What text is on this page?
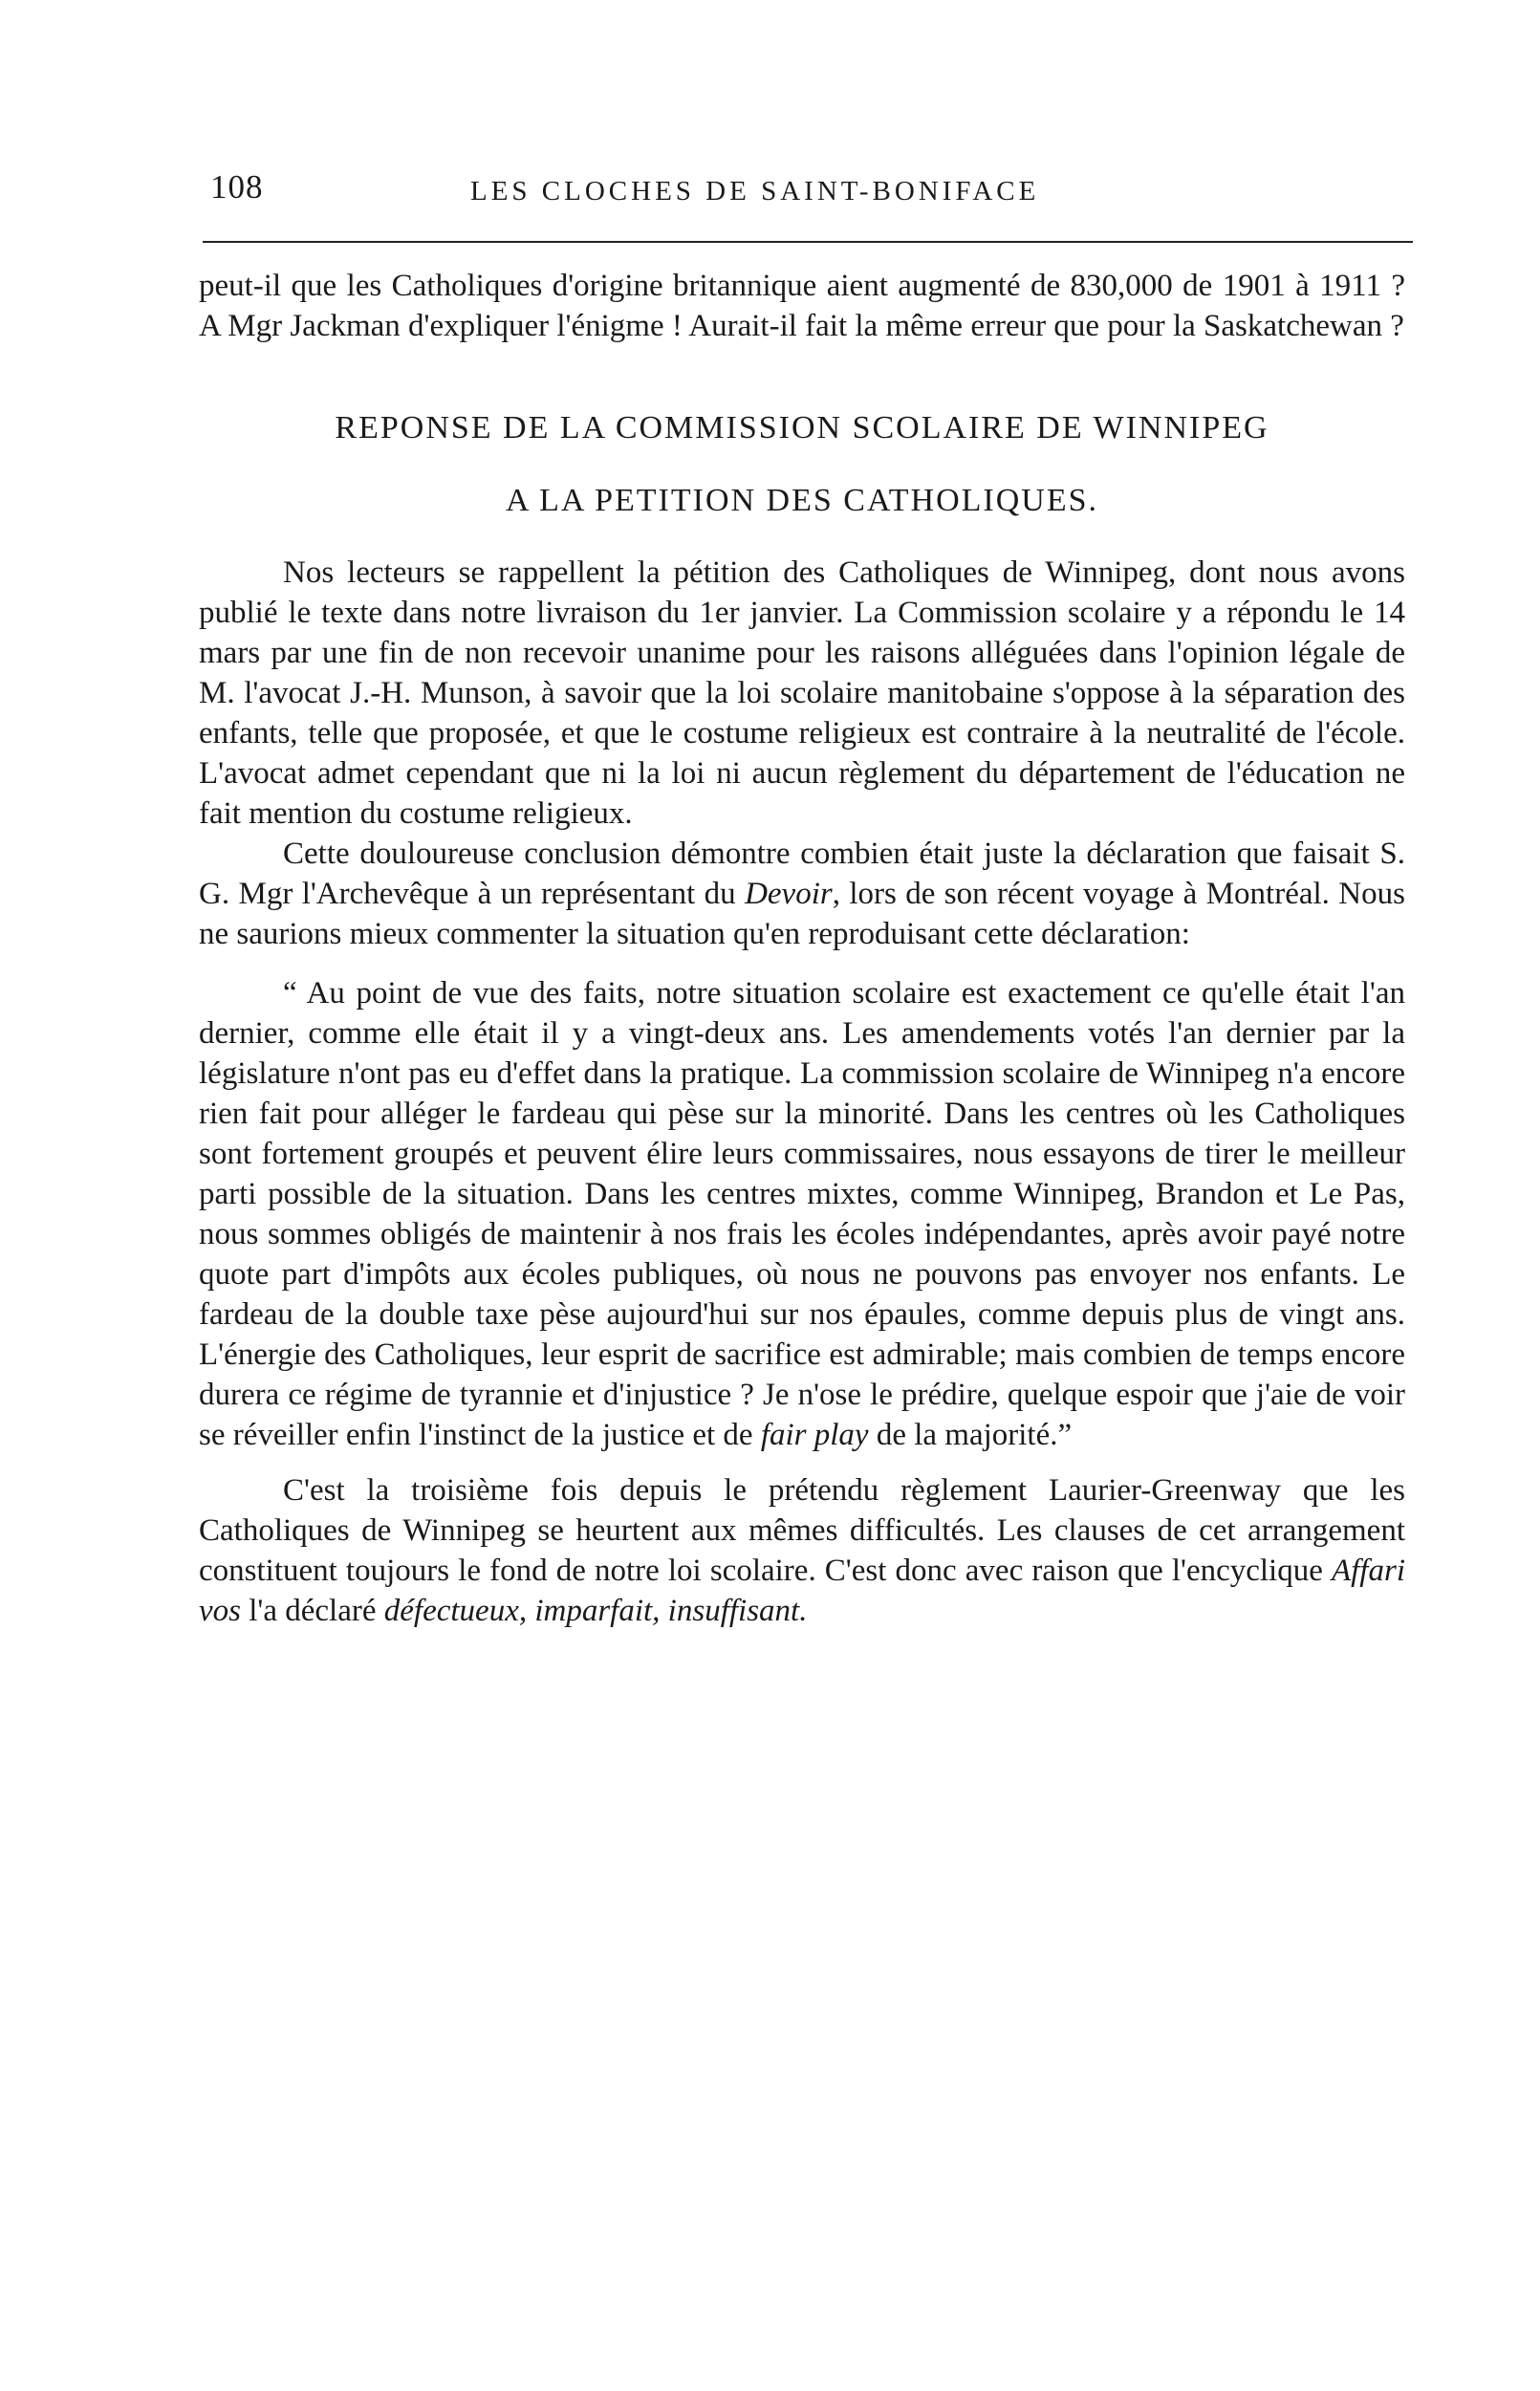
108	LES CLOCHES DE SAINT-BONIFACE

peut-il que les Catholiques d'origine britannique aient augmenté de 830,000 de 1901 à 1911 ? A Mgr Jackman d'expliquer l'énigme ! Aurait-il fait la même erreur que pour la Saskatchewan ?

REPONSE DE LA COMMISSION SCOLAIRE DE WINNIPEG
A LA PETITION DES CATHOLIQUES.

Nos lecteurs se rappellent la pétition des Catholiques de Winnipeg, dont nous avons publié le texte dans notre livraison du 1er janvier. La Commission scolaire y a répondu le 14 mars par une fin de non recevoir unanime pour les raisons alléguées dans l'opinion légale de M. l'avocat J.-H. Munson, à savoir que la loi scolaire manitobaine s'oppose à la séparation des enfants, telle que proposée, et que le costume religieux est contraire à la neutralité de l'école. L'avocat admet cependant que ni la loi ni aucun règlement du département de l'éducation ne fait mention du costume religieux.

Cette douloureuse conclusion démontre combien était juste la déclaration que faisait S. G. Mgr l'Archevêque à un représentant du Devoir, lors de son récent voyage à Montréal. Nous ne saurions mieux commenter la situation qu'en reproduisant cette déclaration:

“ Au point de vue des faits, notre situation scolaire est exactement ce qu'elle était l'an dernier, comme elle était il y a vingt-deux ans. Les amendements votés l'an dernier par la législature n'ont pas eu d'effet dans la pratique. La commission scolaire de Winnipeg n'a encore rien fait pour alléger le fardeau qui pèse sur la minorité. Dans les centres où les Catholiques sont fortement groupés et peuvent élire leurs commissaires, nous essayons de tirer le meilleur parti possible de la situation. Dans les centres mixtes, comme Winnipeg, Brandon et Le Pas, nous sommes obligés de maintenir à nos frais les écoles indépendantes, après avoir payé notre quote part d'impôts aux écoles publiques, où nous ne pouvons pas envoyer nos enfants. Le fardeau de la double taxe pèse aujourd'hui sur nos épaules, comme depuis plus de vingt ans. L'énergie des Catholiques, leur esprit de sacrifice est admirable; mais combien de temps encore durera ce régime de tyrannie et d'injustice ? Je n'ose le prédire, quelque espoir que j'aie de voir se réveiller enfin l'instinct de la justice et de fair play de la majorité.”

C'est la troisième fois depuis le prétendu règlement Laurier-Greenway que les Catholiques de Winnipeg se heurtent aux mêmes difficultés. Les clauses de cet arrangement constituent toujours le fond de notre loi scolaire. C'est donc avec raison que l'encyclique Affari vos l'a déclaré défectueux, imparfait, insuffisant.
